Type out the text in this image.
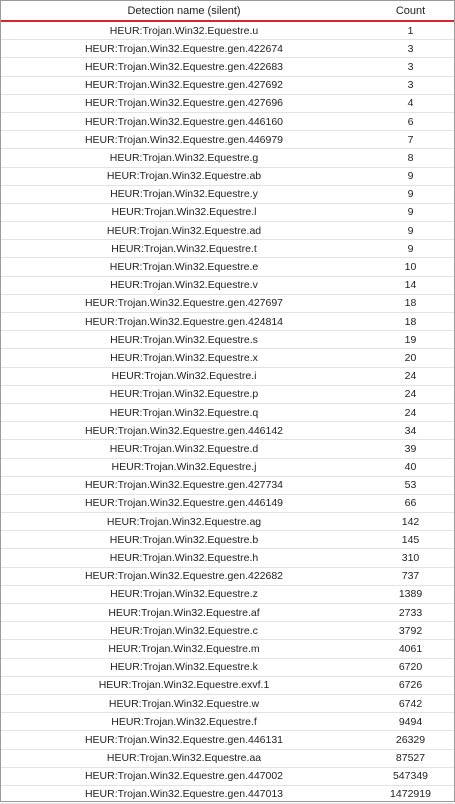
Detection name (silent)	Count
HEUR:Trojan.Win32.Equestre.u	1
HEUR:Trojan.Win32.Equestre.gen.422674	3
HEUR:Trojan.Win32.Equestre.gen.422683	3
HEUR:Trojan.Win32.Equestre.gen.427692	3
HEUR:Trojan.Win32.Equestre.gen.427696	4
HEUR:Trojan.Win32.Equestre.gen.446160	6
HEUR:Trojan.Win32.Equestre.gen.446979	7
HEUR:Trojan.Win32.Equestre.g	8
HEUR:Trojan.Win32.Equestre.ab	9
HEUR:Trojan.Win32.Equestre.y	9
HEUR:Trojan.Win32.Equestre.l	9
HEUR:Trojan.Win32.Equestre.ad	9
HEUR:Trojan.Win32.Equestre.t	9
HEUR:Trojan.Win32.Equestre.e	10
HEUR:Trojan.Win32.Equestre.v	14
HEUR:Trojan.Win32.Equestre.gen.427697	18
HEUR:Trojan.Win32.Equestre.gen.424814	18
HEUR:Trojan.Win32.Equestre.s	19
HEUR:Trojan.Win32.Equestre.x	20
HEUR:Trojan.Win32.Equestre.i	24
HEUR:Trojan.Win32.Equestre.p	24
HEUR:Trojan.Win32.Equestre.q	24
HEUR:Trojan.Win32.Equestre.gen.446142	34
HEUR:Trojan.Win32.Equestre.d	39
HEUR:Trojan.Win32.Equestre.j	40
HEUR:Trojan.Win32.Equestre.gen.427734	53
HEUR:Trojan.Win32.Equestre.gen.446149	66
HEUR:Trojan.Win32.Equestre.ag	142
HEUR:Trojan.Win32.Equestre.b	145
HEUR:Trojan.Win32.Equestre.h	310
HEUR:Trojan.Win32.Equestre.gen.422682	737
HEUR:Trojan.Win32.Equestre.z	1389
HEUR:Trojan.Win32.Equestre.af	2733
HEUR:Trojan.Win32.Equestre.c	3792
HEUR:Trojan.Win32.Equestre.m	4061
HEUR:Trojan.Win32.Equestre.k	6720
HEUR:Trojan.Win32.Equestre.exvf.1	6726
HEUR:Trojan.Win32.Equestre.w	6742
HEUR:Trojan.Win32.Equestre.f	9494
HEUR:Trojan.Win32.Equestre.gen.446131	26329
HEUR:Trojan.Win32.Equestre.aa	87527
HEUR:Trojan.Win32.Equestre.gen.447002	547349
HEUR:Trojan.Win32.Equestre.gen.447013	1472919
